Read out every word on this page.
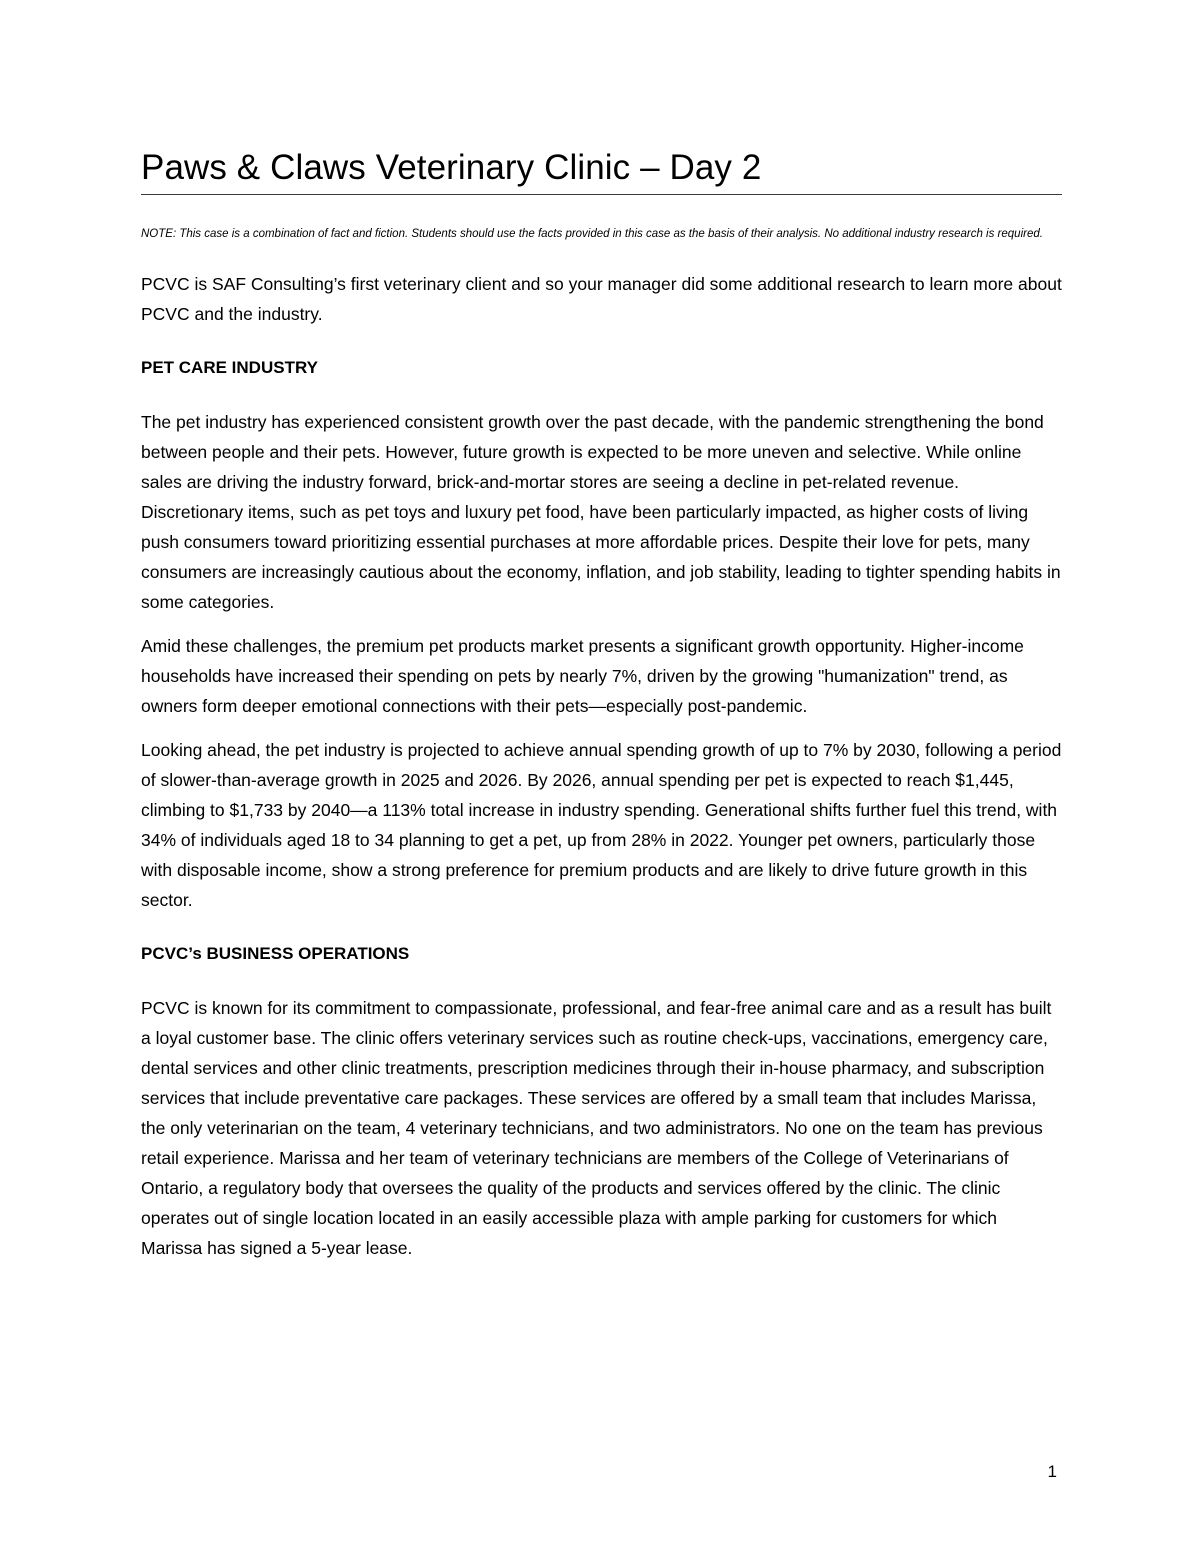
Paws & Claws Veterinary Clinic – Day 2

NOTE: This case is a combination of fact and fiction. Students should use the facts provided in this case as the basis of their analysis. No additional industry research is required.

PCVC is SAF Consulting’s first veterinary client and so your manager did some additional research to learn more about PCVC and the industry.

PET CARE INDUSTRY

The pet industry has experienced consistent growth over the past decade, with the pandemic strengthening the bond between people and their pets. However, future growth is expected to be more uneven and selective. While online sales are driving the industry forward, brick-and-mortar stores are seeing a decline in pet-related revenue. Discretionary items, such as pet toys and luxury pet food, have been particularly impacted, as higher costs of living push consumers toward prioritizing essential purchases at more affordable prices. Despite their love for pets, many consumers are increasingly cautious about the economy, inflation, and job stability, leading to tighter spending habits in some categories.

Amid these challenges, the premium pet products market presents a significant growth opportunity. Higher-income households have increased their spending on pets by nearly 7%, driven by the growing "humanization" trend, as owners form deeper emotional connections with their pets—especially post-pandemic.

Looking ahead, the pet industry is projected to achieve annual spending growth of up to 7% by 2030, following a period of slower-than-average growth in 2025 and 2026. By 2026, annual spending per pet is expected to reach $1,445, climbing to $1,733 by 2040—a 113% total increase in industry spending. Generational shifts further fuel this trend, with 34% of individuals aged 18 to 34 planning to get a pet, up from 28% in 2022. Younger pet owners, particularly those with disposable income, show a strong preference for premium products and are likely to drive future growth in this sector.

PCVC’s BUSINESS OPERATIONS

PCVC is known for its commitment to compassionate, professional, and fear-free animal care and as a result has built a loyal customer base. The clinic offers veterinary services such as routine check-ups, vaccinations, emergency care, dental services and other clinic treatments, prescription medicines through their in-house pharmacy, and subscription services that include preventative care packages. These services are offered by a small team that includes Marissa, the only veterinarian on the team, 4 veterinary technicians, and two administrators. No one on the team has previous retail experience. Marissa and her team of veterinary technicians are members of the College of Veterinarians of Ontario, a regulatory body that oversees the quality of the products and services offered by the clinic. The clinic operates out of single location located in an easily accessible plaza with ample parking for customers for which Marissa has signed a 5-year lease.

1
